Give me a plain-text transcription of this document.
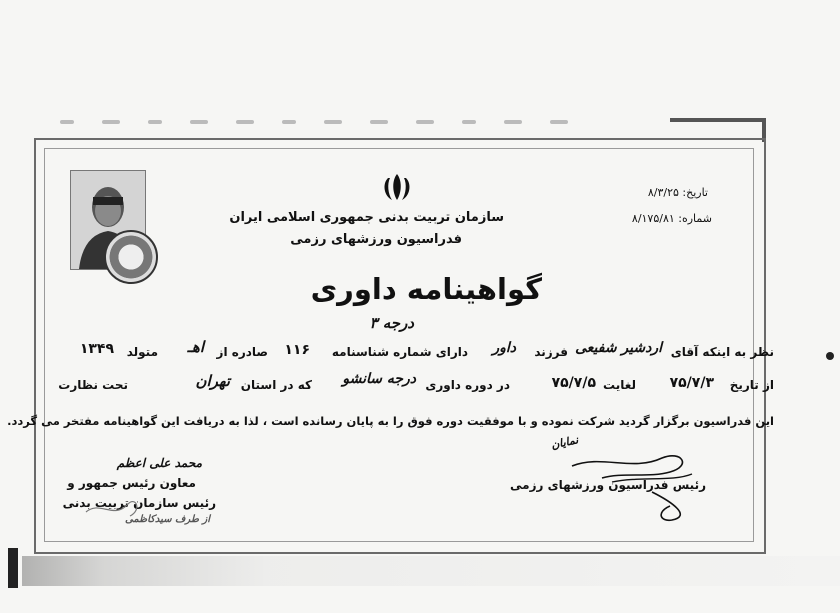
تاریخ: ۸/۳/۲۵
شماره: ۸/۱۷۵/۸۱
سازمان تربیت بدنی جمهوری اسلامی ایران
فدراسیون ورزشهای رزمی
گواهینامه داوری
درجه ۳
نظر به اینکه آقای
اردشیر شفیعی
فرزند
داور
دارای شماره شناسنامه
۱۱۶
صادره از
اهـ
متولد
۱۳۴۹
از تاریخ
۷۵/۷/۳
لغایت
۷۵/۷/۵
در دوره داوری
درجه سانشو
که در استان
تهران
تحت نظارت
این فدراسیون برگزار گردید شرکت نموده و با موفقیت دوره فوق را به پایان رسانده است ، لذا به دریافت این گواهینامه مفتخر می گردد.
نمایان
رئیس فدراسیون ورزشهای رزمی
محمد علی اعظم
معاون رئیس جمهور و
رئیس سازمان تربیت بدنی
از طرف سیدکاظمی
